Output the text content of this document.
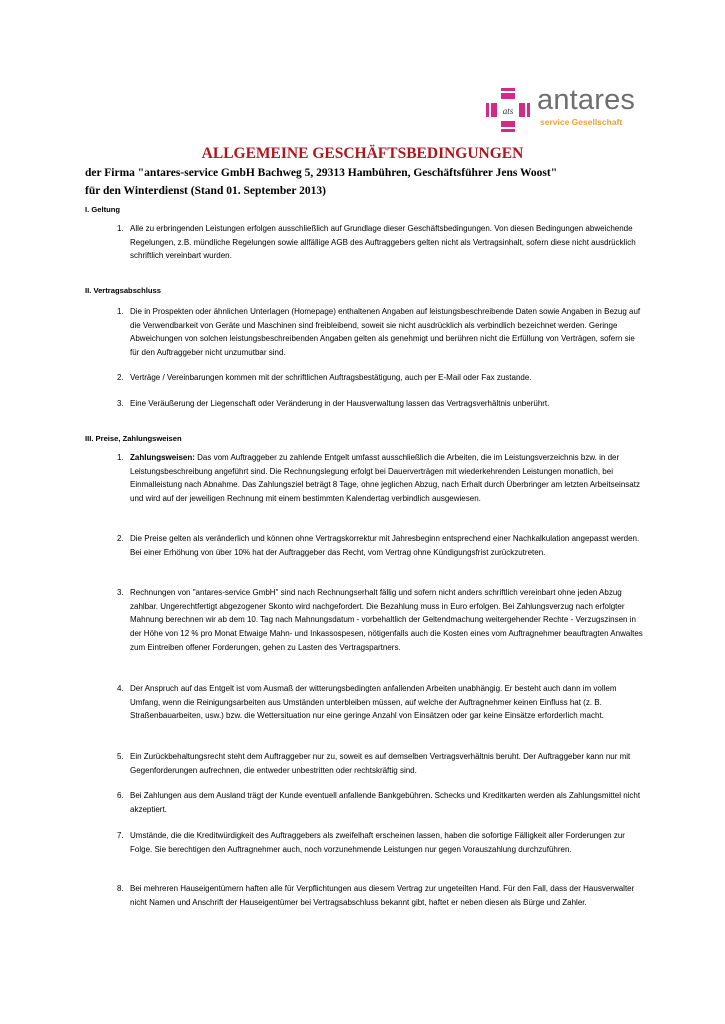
ats antares
service Gesellschaft
ALLGEMEINE GESCHÄFTSBEDINGUNGEN
der Firma "antares-service GmbH Bachweg 5, 29313 Hambühren, Geschäftsführer Jens Woost"
für den Winterdienst (Stand 01. September 2013)
I. Geltung
1. Alle zu erbringenden Leistungen erfolgen ausschließlich auf Grundlage dieser Geschäftsbedingungen. Von diesen Bedingungen abweichende Regelungen, z.B. mündliche Regelungen sowie allfällige AGB des Auftraggebers gelten nicht als Vertragsinhalt, sofern diese nicht ausdrücklich schriftlich vereinbart wurden.
II. Vertragsabschluss
1. Die in Prospekten oder ähnlichen Unterlagen (Homepage) enthaltenen Angaben auf leistungsbeschreibende Daten sowie Angaben in Bezug auf die Verwendbarkeit von Geräte und Maschinen sind freibleibend, soweit sie nicht ausdrücklich als verbindlich bezeichnet werden. Geringe Abweichungen von solchen leistungsbeschreibenden Angaben gelten als genehmigt und berühren nicht die Erfüllung von Verträgen, sofern sie für den Auftraggeber nicht unzumutbar sind.
2. Verträge / Vereinbarungen kommen mit der schriftlichen Auftragsbestätigung, auch per E-Mail oder Fax zustande.
3. Eine Veräußerung der Liegenschaft oder Veränderung in der Hausverwaltung lassen das Vertragsverhältnis unberührt.
III. Preise, Zahlungsweisen
1. Zahlungsweisen: Das vom Auftraggeber zu zahlende Entgelt umfasst ausschließlich die Arbeiten, die im Leistungsverzeichnis bzw. in der Leistungsbeschreibung angeführt sind. Die Rechnungslegung erfolgt bei Dauerverträgen mit wiederkehrenden Leistungen monatlich, bei Einmalleistung nach Abnahme. Das Zahlungsziel beträgt 8 Tage, ohne jeglichen Abzug, nach Erhalt durch Überbringer am letzten Arbeitseinsatz und wird auf der jeweiligen Rechnung mit einem bestimmten Kalendertag verbindlich ausgewiesen.
2. Die Preise gelten als veränderlich und können ohne Vertragskorrektur mit Jahresbeginn entsprechend einer Nachkalkulation angepasst werden. Bei einer Erhöhung von über 10% hat der Auftraggeber das Recht, vom Vertrag ohne Kündigungsfrist zurückzutreten.
3. Rechnungen von "antares-service GmbH" sind nach Rechnungserhalt fällig und sofern nicht anders schriftlich vereinbart ohne jeden Abzug zahlbar. Ungerechtfertigt abgezogener Skonto wird nachgefordert. Die Bezahlung muss in Euro erfolgen. Bei Zahlungsverzug nach erfolgter Mahnung berechnen wir ab dem 10. Tag nach Mahnungsdatum - vorbehaltlich der Geltendmachung weitergehender Rechte - Verzugszinsen in der Höhe von 12 % pro Monat Etwaige Mahn- und Inkassospesen, nötigenfalls auch die Kosten eines vom Auftragnehmer beauftragten Anwaltes zum Eintreiben offener Forderungen, gehen zu Lasten des Vertragspartners.
4. Der Anspruch auf das Entgelt ist vom Ausmaß der witterungsbedingten anfallenden Arbeiten unabhängig. Er besteht auch dann im vollem Umfang, wenn die Reinigungsarbeiten aus Umständen unterbleiben müssen, auf welche der Auftragnehmer keinen Einfluss hat (z. B. Straßenbauarbeiten, usw.) bzw. die Wettersituation nur eine geringe Anzahl von Einsätzen oder gar keine Einsätze erforderlich macht.
5. Ein Zurückbehaltungsrecht steht dem Auftraggeber nur zu, soweit es auf demselben Vertragsverhältnis beruht. Der Auftraggeber kann nur mit Gegenforderungen aufrechnen, die entweder unbestritten oder rechtskräftig sind.
6. Bei Zahlungen aus dem Ausland trägt der Kunde eventuell anfallende Bankgebühren. Schecks und Kreditkarten werden als Zahlungsmittel nicht akzeptiert.
7. Umstände, die die Kreditwürdigkeit des Auftraggebers als zweifelhaft erscheinen lassen, haben die sofortige Fälligkeit aller Forderungen zur Folge. Sie berechtigen den Auftragnehmer auch, noch vorzunehmende Leistungen nur gegen Vorauszahlung durchzuführen.
8. Bei mehreren Hauseigentümern haften alle für Verpflichtungen aus diesem Vertrag zur ungeteilten Hand. Für den Fall, dass der Hausverwalter nicht Namen und Anschrift der Hauseigentümer bei Vertragsabschluss bekannt gibt, haftet er neben diesen als Bürge und Zahler.
